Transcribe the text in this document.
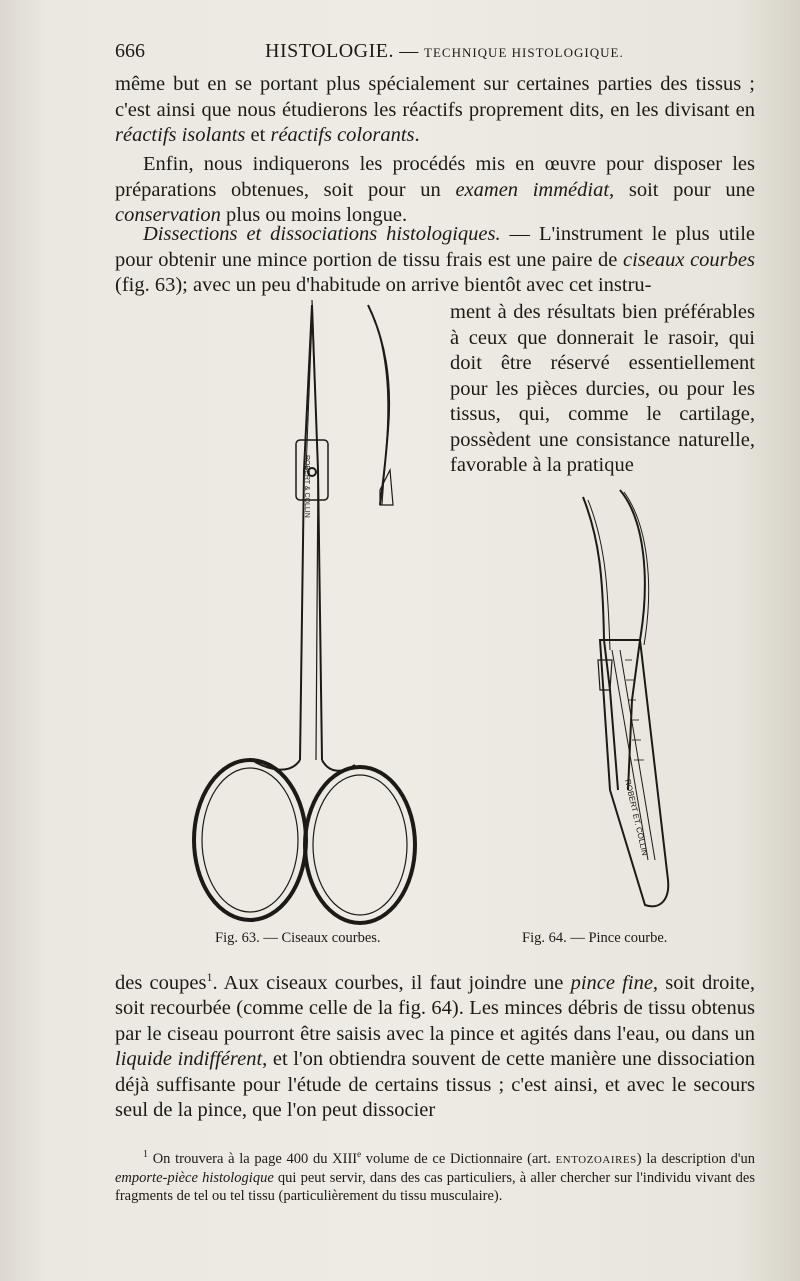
666	HISTOLOGIE. — TECHNIQUE HISTOLOGIQUE.
même but en se portant plus spécialement sur certaines parties des tissus ; c'est ainsi que nous étudierons les réactifs proprement dits, en les divisant en réactifs isolants et réactifs colorants.
Enfin, nous indiquerons les procédés mis en œuvre pour disposer les préparations obtenues, soit pour un examen immédiat, soit pour une conservation plus ou moins longue.
Dissections et dissociations histologiques. — L'instrument le plus utile pour obtenir une mince portion de tissu frais est une paire de ciseaux courbes (fig. 63); avec un peu d'habitude on arrive bientôt avec cet instru-
ment à des résultats bien préférables à ceux que donnerait le rasoir, qui doit être réservé essentiellement pour les pièces durcies, ou pour les tissus, qui, comme le cartilage, possèdent une consistance naturelle, favorable à la pratique
ROBERT & COLLIN
ROBERT ET. COLLIN
Fig. 63. — Ciseaux courbes.	Fig. 64. — Pince courbe.
des coupes$^1$. Aux ciseaux courbes, il faut joindre une pince fine, soit droite, soit recourbée (comme celle de la fig. 64). Les minces débris de tissu obtenus par le ciseau pourront être saisis avec la pince et agités dans l'eau, ou dans un liquide indifférent, et l'on obtiendra souvent de cette manière une dissociation déjà suffisante pour l'étude de certains tissus ; c'est ainsi, et avec le secours seul de la pince, que l'on peut dissocier
$^1$ On trouvera à la page 400 du XIIIe volume de ce Dictionnaire (art. ENTOZOAIRES) la description d'un emporte-pièce histologique qui peut servir, dans des cas particuliers, à aller chercher sur l'individu vivant des fragments de tel ou tel tissu (particulièrement du tissu musculaire).
